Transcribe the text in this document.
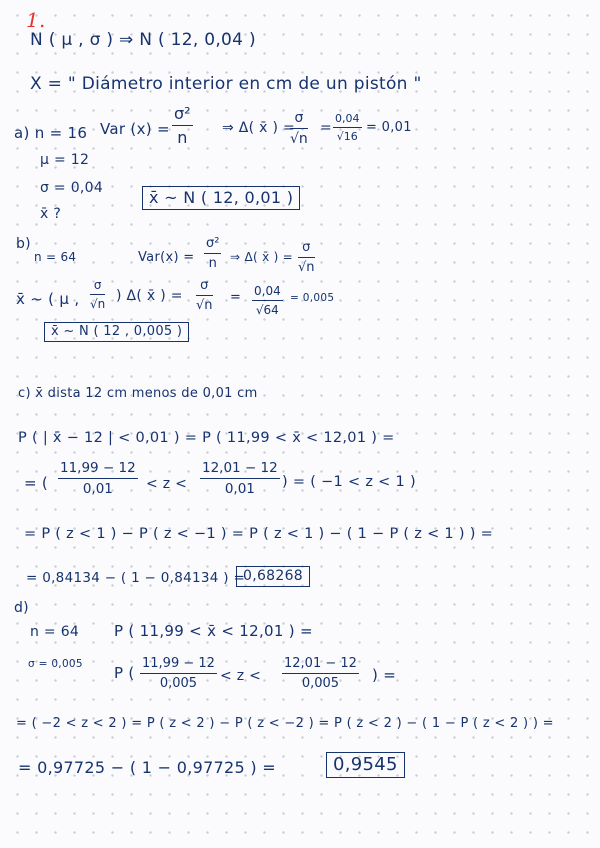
1.
N ( μ , σ ) ⇒ N ( 12, 0,04 )
X = " Diámetro interior en cm de un pistón "
a) n = 16 Var $(x) = \frac{\text{σ²}}{n}$ ⇒ Δ( x̄ ) =
$\frac{\sigma}{√n} = \frac{0,04}{√16} = 0,01$
μ = 12
σ = 0,04
x̄ ?
x̄ ~ N ( 12, 0,01 )
b)
n = 64	$Var(x) = \frac{\text{σ²}}{n}$ ⇒ Δ( x̄ ) = $\frac{\sigma}{√n}$
x̄ ~ ( μ , $\frac{\sigma}{√n}$ ) Δ( x̄ ) = $\frac{\sigma}{√n} = \frac{0,04}{√64} = 0,005$
x̄ ~ N ( 12 , 0,005 )
c) x̄ dista 12 cm menos de 0,01 cm
P ( | x̄ − 12 | < 0,01 ) = P ( 11,99 < x̄ < 12,01 ) =
= ( $\frac{11,99 - 12}{0,01} < z < \frac{12,01 - 12}{0,01}$ ) = ( −1 < z < 1 )
= P ( z < 1 ) − P ( z < −1 ) = P ( z < 1 ) − ( 1 − P ( z < 1 ) ) =
= 0,84134 − ( 1 − 0,84134 ) =
0,68268
d)
n = 64 P ( 11,99 < x̄ < 12,01 ) =
σ = 0,005 P ( $\frac{11,99 - 12}{0,005} < z < \frac{12,01 - 12}{0,005}$ ) =
= ( −2 < z < 2 ) = P ( z < 2 ) − P ( z < −2 ) = P ( z < 2 ) − ( 1 − P ( z < 2 ) ) =
= 0,97725 − ( 1 − 0,97725 ) =	0,9545
